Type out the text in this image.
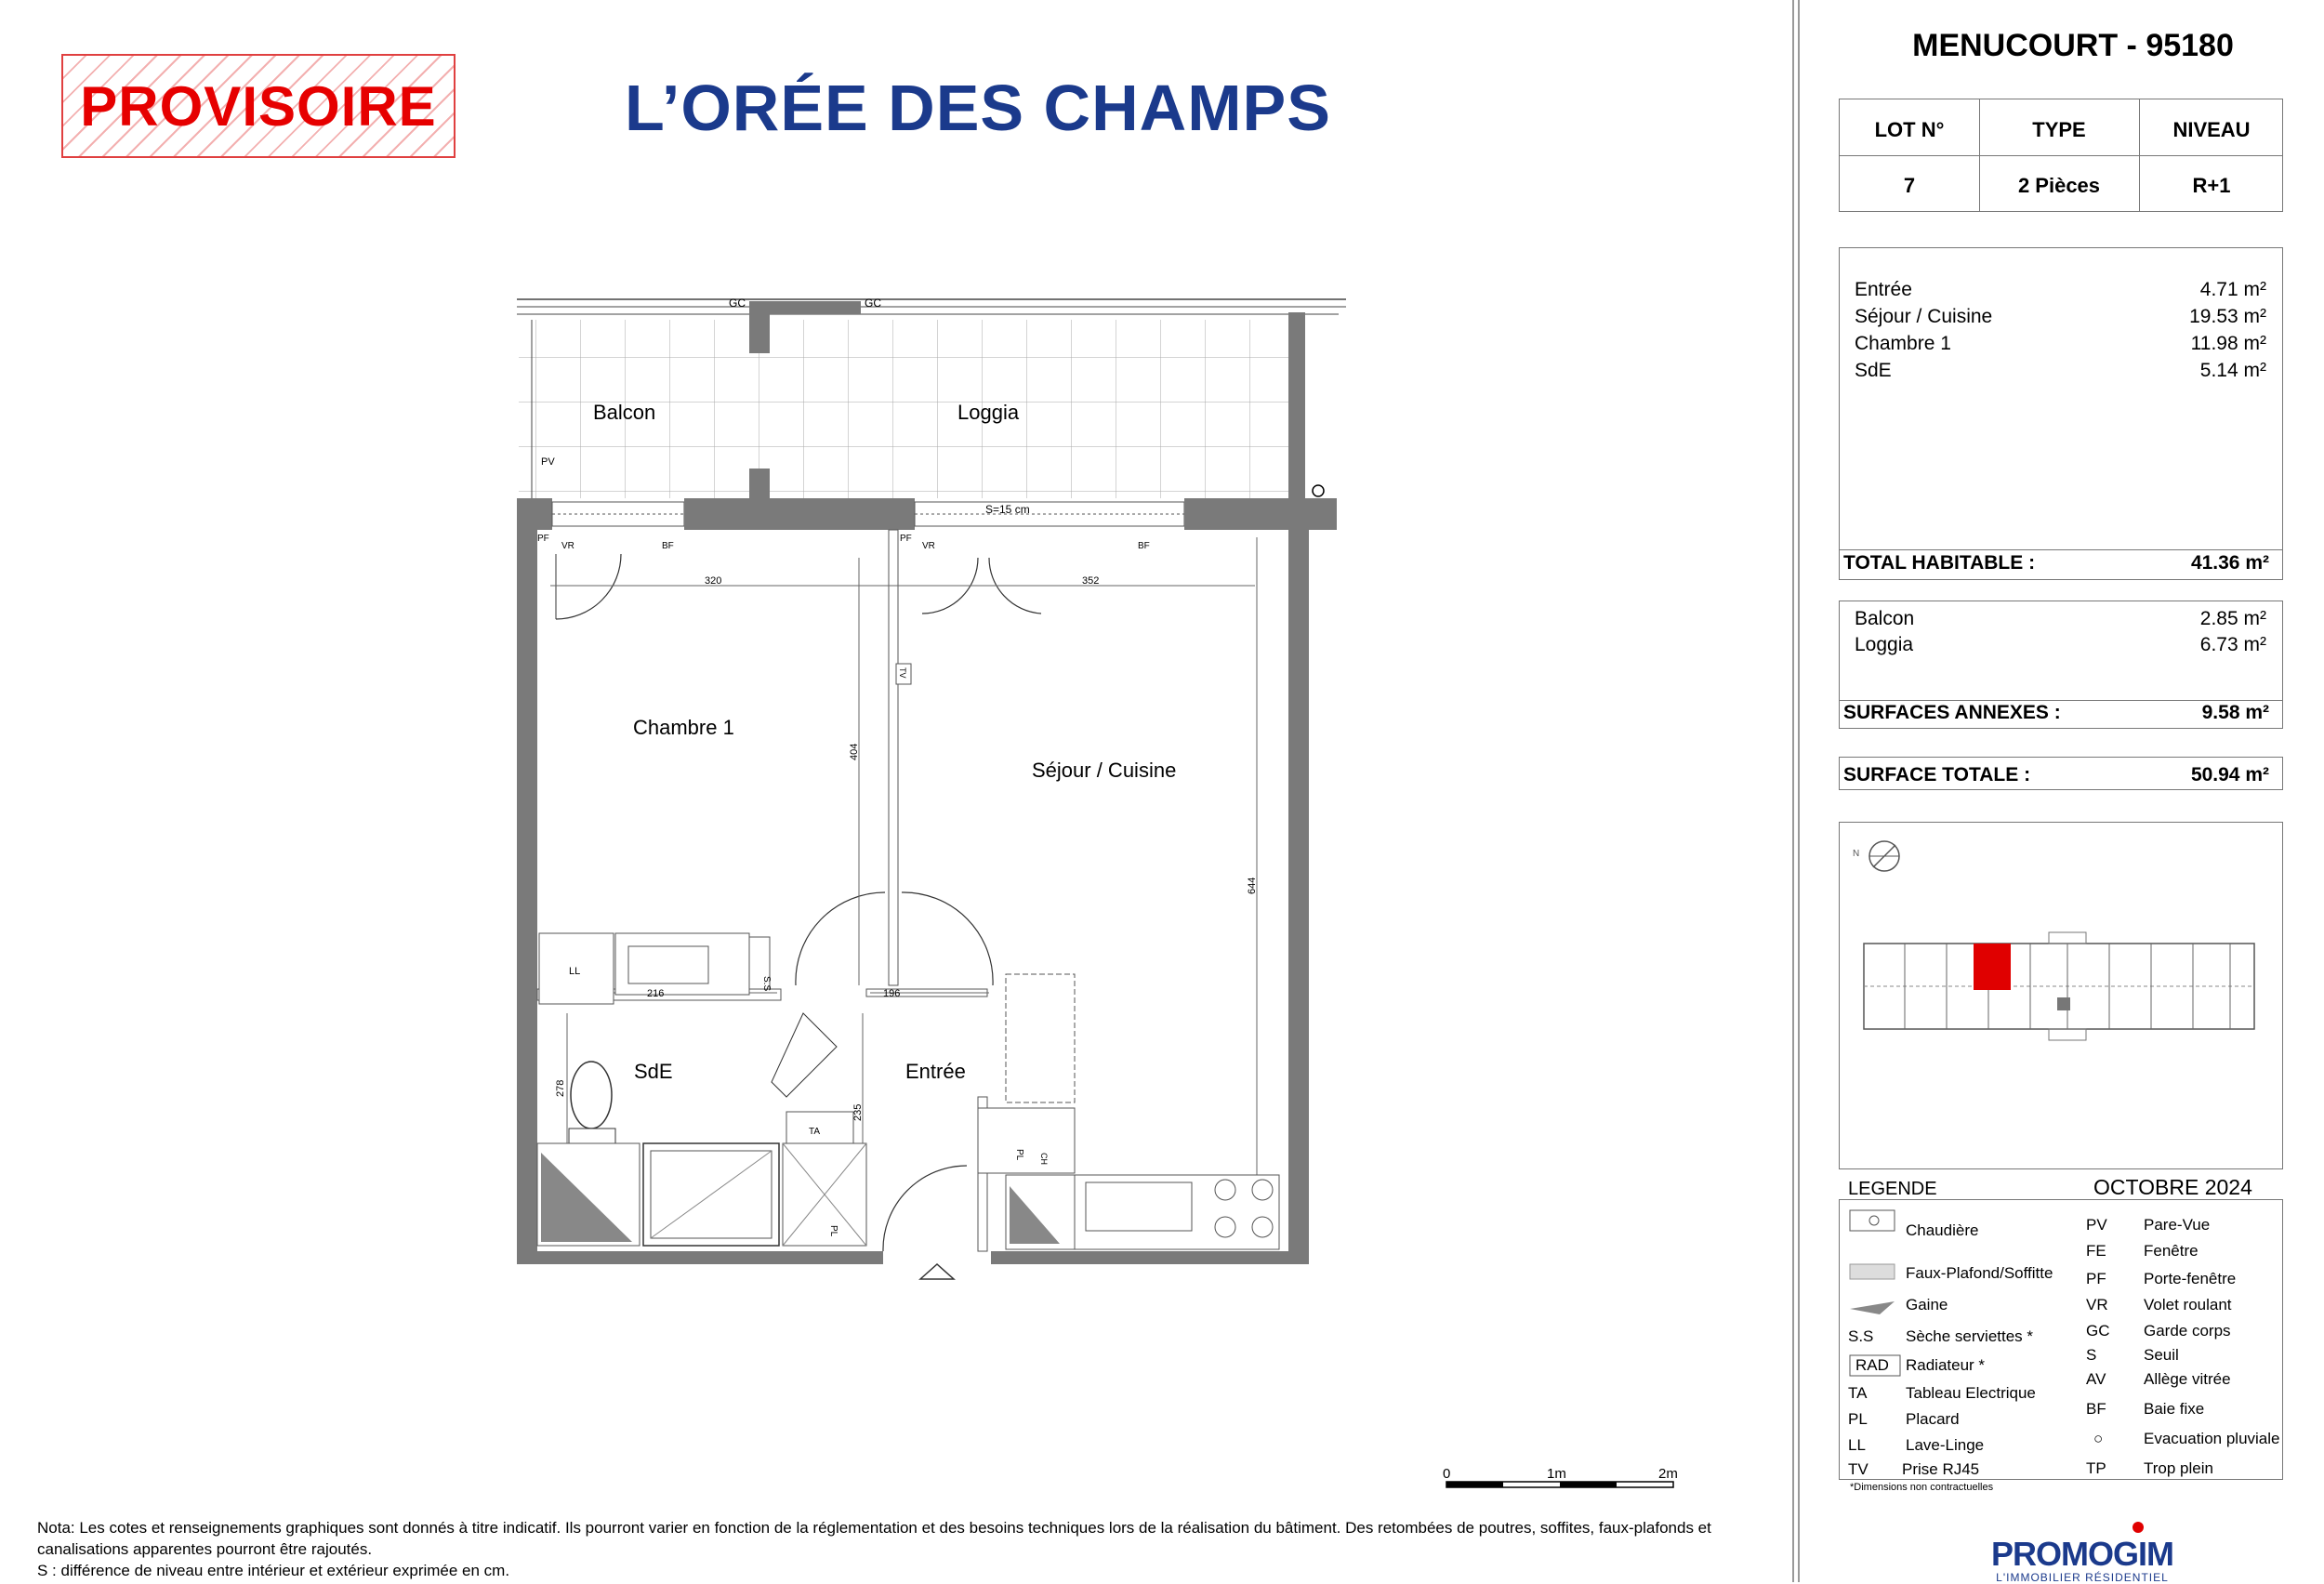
PROVISOIRE	L’ORÉE DES CHAMPS
MENUCOURT - 95180
LOT N°	TYPE	NIVEAU
7	2 Pièces	R+1
Entrée	4.71 m²
Séjour / Cuisine	19.53 m²
Chambre 1	11.98 m²
SdE	5.14 m²
TOTAL HABITABLE :	41.36 m²
Balcon	2.85 m²
Loggia	6.73 m²
SURFACES ANNEXES :	9.58 m²
SURFACE TOTALE :	50.94 m²
N
LEGENDE	OCTOBRE 2024
Chaudière
Faux-Plafond/Soffitte
Gaine
S.S Sèche serviettes *
RAD Radiateur *
TA Tableau Electrique
PL Placard
LL	Lave-Linge
TV Prise RJ45
PV Pare-Vue
FE Fenêtre
PF Porte-fenêtre
VR Volet roulant
GC Garde corps
S	Seuil
AV Allège vitrée
BF Baie fixe
○	Evacuation pluviale
TP Trop plein
*Dimensions non contractuelles
PROMOGIM
L'IMMOBILIER RÉSIDENTIEL
Nota: Les cotes et renseignements graphiques sont donnés à titre indicatif. Ils pourront varier en fonction de la réglementation et des besoins techniques lors de la réalisation du bâtiment. Des retombées de poutres, soffites, faux-plafonds et
canalisations apparentes pourront être rajoutés.
S : différence de niveau entre intérieur et extérieur exprimée en cm.
0	1m	2m
Balcon	Loggia
Chambre 1
Séjour / Cuisine
SdE	Entrée
S=15 cm
GC	GC
PV
PF
VR	BF
PF
VR	BF
320	352
404
644
216	196
278
235
LL
S.S
TA
PL
PL CH
TV
